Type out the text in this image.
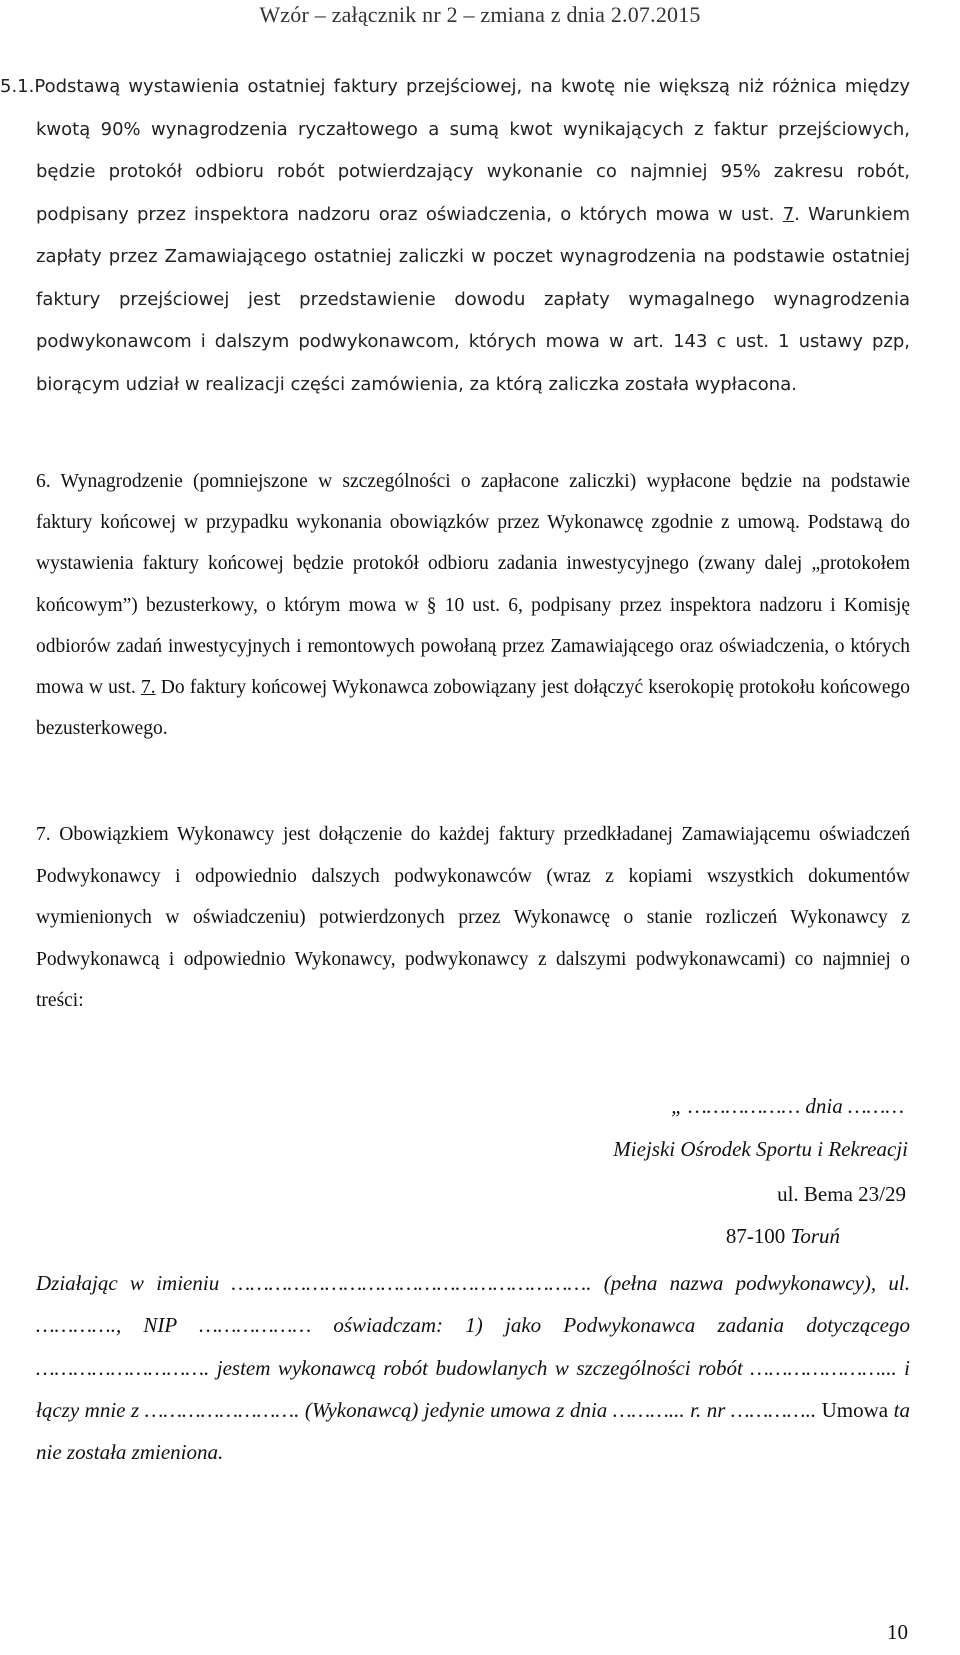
Wzór – załącznik nr 2 – zmiana z dnia 2.07.2015
5.1.Podstawą wystawienia ostatniej faktury przejściowej, na kwotę nie większą niż różnica między kwotą 90% wynagrodzenia ryczałtowego a sumą kwot wynikających z faktur przejściowych, będzie protokół odbioru robót potwierdzający wykonanie co najmniej 95% zakresu robót, podpisany przez inspektora nadzoru oraz oświadczenia, o których mowa w ust. 7. Warunkiem zapłaty przez Zamawiającego ostatniej zaliczki w poczet wynagrodzenia na podstawie ostatniej faktury przejściowej jest przedstawienie dowodu zapłaty wymagalnego wynagrodzenia podwykonawcom i dalszym podwykonawcom, których mowa w art. 143 c ust. 1 ustawy pzp, biorącym udział w realizacji części zamówienia, za którą zaliczka została wypłacona.
6. Wynagrodzenie (pomniejszone w szczególności o zapłacone zaliczki) wypłacone będzie na podstawie faktury końcowej w przypadku wykonania obowiązków przez Wykonawcę zgodnie z umową. Podstawą do wystawienia faktury końcowej będzie protokół odbioru zadania inwestycyjnego (zwany dalej „protokołem końcowym”) bezusterkowy, o którym mowa w § 10 ust. 6, podpisany przez inspektora nadzoru i Komisję odbiorów zadań inwestycyjnych i remontowych powołaną przez Zamawiającego oraz oświadczenia, o których mowa w ust. 7. Do faktury końcowej Wykonawca zobowiązany jest dołączyć kserokopię protokołu końcowego bezusterkowego.
7. Obowiązkiem Wykonawcy jest dołączenie do każdej faktury przedkładanej Zamawiającemu oświadczeń Podwykonawcy i odpowiednio dalszych podwykonawców (wraz z kopiami wszystkich dokumentów wymienionych w oświadczeniu) potwierdzonych przez Wykonawcę o stanie rozliczeń Wykonawcy z Podwykonawcą i odpowiednio Wykonawcy, podwykonawcy z dalszymi podwykonawcami) co najmniej o treści:
„ ……………… dnia ………
Miejski Ośrodek Sportu i Rekreacji
ul. Bema 23/29
87-100 Toruń
Działając w imieniu …………………………………………………. (pełna nazwa podwykonawcy), ul. …………., NIP ……………… oświadczam: 1) jako Podwykonawca zadania dotyczącego ………………………. jestem wykonawcą robót budowlanych w szczególności robót …………………... i łączy mnie z ……………………. (Wykonawcą) jedynie umowa z dnia ………... r. nr ………….. Umowa ta nie została zmieniona.
10
